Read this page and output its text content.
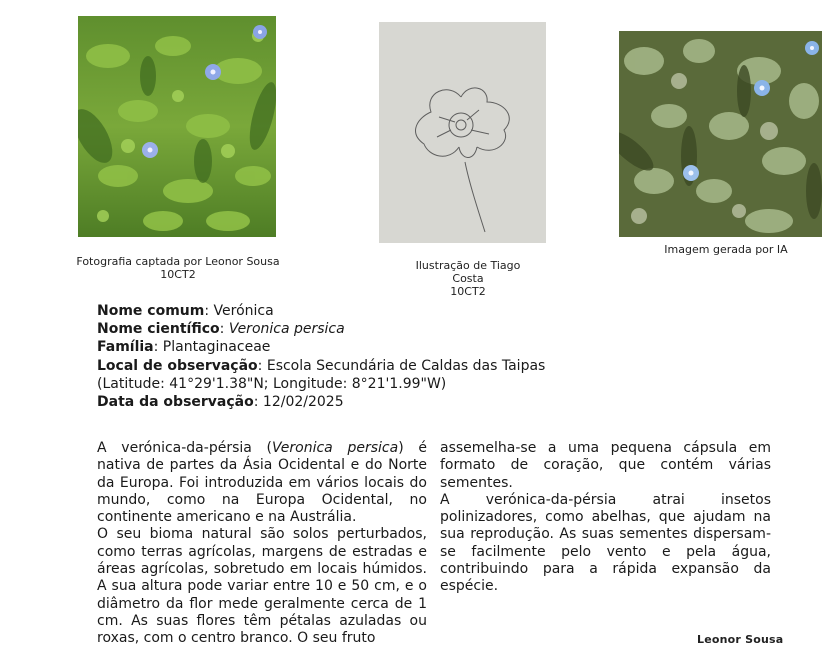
Fotografia captada por Leonor Sousa
10CT2
Ilustração de Tiago
Costa
10CT2
Imagem gerada por IA
Nome comum: Verónica
Nome científico: Veronica persica
Família: Plantaginaceae
Local de observação: Escola Secundária de Caldas das Taipas
(Latitude: 41°29'1.38"N; Longitude: 8°21'1.99"W)
Data da observação: 12/02/2025

A verónica-da-pérsia (Veronica persica) é nativa de partes da Ásia Ocidental e do Norte da Europa. Foi introduzida em vários locais do mundo, como na Europa Ocidental, no continente americano e na Austrália.

O seu bioma natural são solos perturbados, como terras agrícolas, margens de estradas e áreas agrícolas, sobretudo em locais húmidos. A sua altura pode variar entre 10 e 50 cm, e o diâmetro da flor mede geralmente cerca de 1 cm. As suas flores têm pétalas azuladas ou roxas, com o centro branco. O seu fruto

assemelha-se a uma pequena cápsula em formato de coração, que contém várias sementes.

A verónica-da-pérsia atrai insetos polinizadores, como abelhas, que ajudam na sua reprodução. As suas sementes dispersam-se facilmente pelo vento e pela água, contribuindo para a rápida expansão da espécie.

Leonor Sousa
